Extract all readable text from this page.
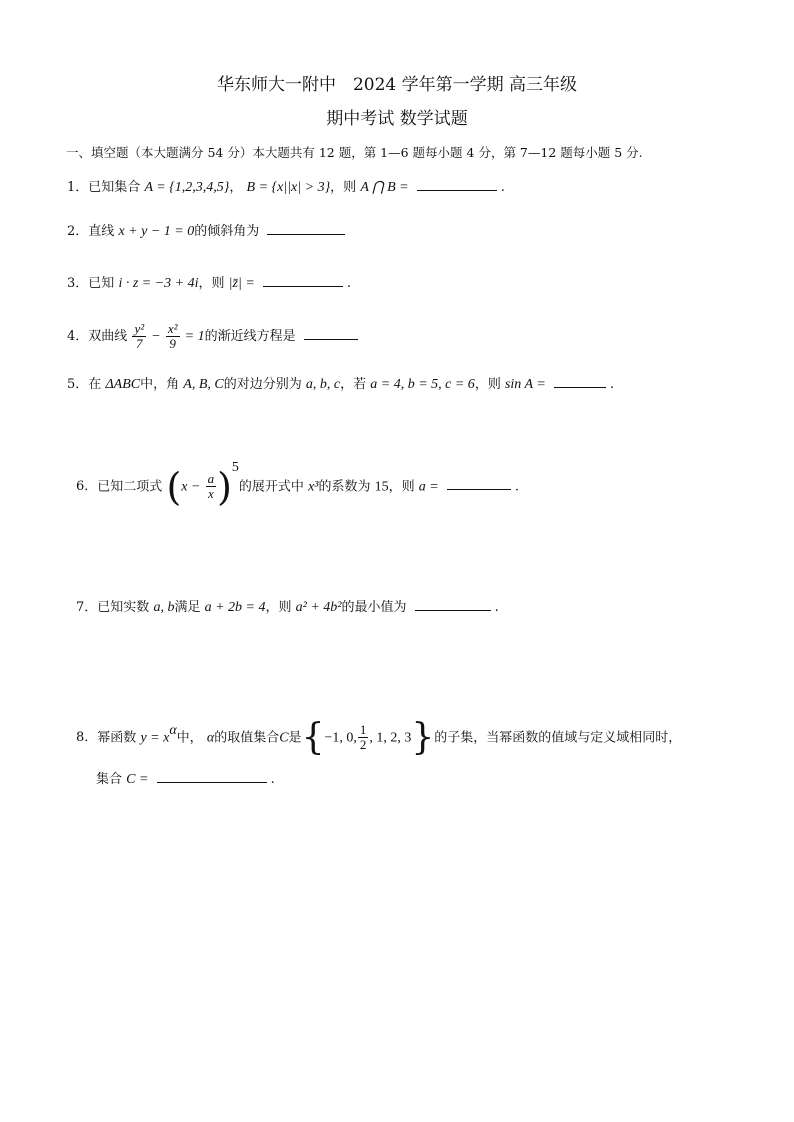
华东师大一附中　2024 学年第一学期 高三年级
期中考试 数学试题
一、填空题（本大题满分 54 分）本大题共有 12 题，第 1—6 题每小题 4 分，第 7—12 题每小题 5 分.
1．已知集合 A = {1,2,3,4,5}， B = {x||x| > 3}，则 A ⋂ B =	.
2．直线 x + y − 1 = 0的倾斜角为
3．已知 i · z = −3 + 4i，则 |z̄| =	.
4．双曲线 $\frac{\text{y²}}{7} - \frac{\text{x²}}{9} = 1$的渐近线方程是
5．在 ΔABC中，角 A, B, C的对边分别为 a, b, c，若 a = 4, b = 5, c = 6，则 sin A =	.
6．已知二项式 $(x - \frac{a}{x} )^5$的展开式中 x³的系数为 15，则 a =	.
7．已知实数 a, b满足 a + 2b = 4，则 a² + 4b²的最小值为	.
8．幂函数 $y = x^\alpha$中， α的取值集合C是{−1, 0, $\frac{1}{2}$ , 1, 2, 3}的子集，当幂函数的值域与定义域相同时，
集合 C =	.
